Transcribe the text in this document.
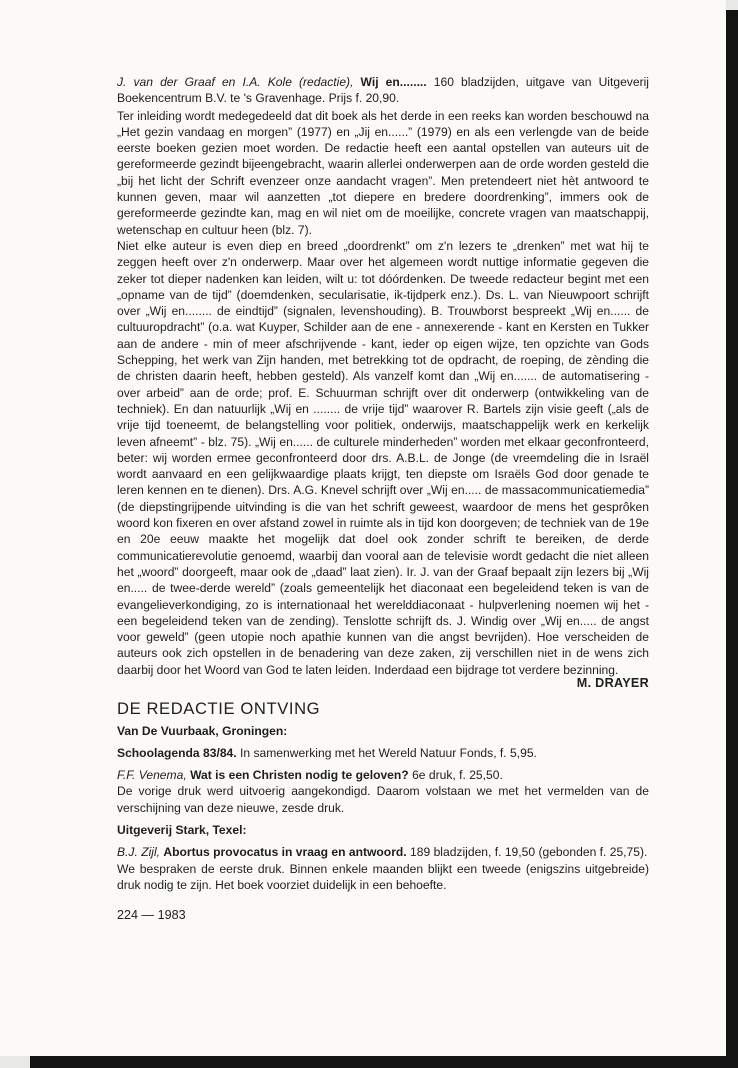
J. van der Graaf en I.A. Kole (redactie), Wij en........ 160 bladzijden, uitgave van Uitgeverij Boekencentrum B.V. te 's Gravenhage. Prijs f. 20,90.

Ter inleiding wordt medegedeeld dat dit boek als het derde in een reeks kan worden beschouwd na „Het gezin vandaag en morgen” (1977) en „Jij en......” (1979) en als een verlengde van de beide eerste boeken gezien moet worden. De redactie heeft een aantal opstellen van auteurs uit de gereformeerde gezindt bijeengebracht, waarin allerlei onderwerpen aan de orde worden gesteld die „bij het licht der Schrift evenzeer onze aandacht vragen”. Men pretendeert niet hèt antwoord te kunnen geven, maar wil aanzetten „tot diepere en bredere doordrenking”, immers ook de gereformeerde gezindte kan, mag en wil niet om de moeilijke, concrete vragen van maatschappij, wetenschap en cultuur heen (blz. 7).

Niet elke auteur is even diep en breed „doordrenkt” om z'n lezers te „drenken” met wat hij te zeggen heeft over z'n onderwerp. Maar over het algemeen wordt nuttige informatie gegeven die zeker tot dieper nadenken kan leiden, wilt u: tot dóórdenken. De tweede redacteur begint met een „opname van de tijd” (doemdenken, secularisatie, ik-tijdperk enz.). Ds. L. van Nieuwpoort schrijft over „Wij en........ de eindtijd” (signalen, levenshouding). B. Trouwborst bespreekt „Wij en...... de cultuuropdracht” (o.a. wat Kuyper, Schilder aan de ene - annexerende - kant en Kersten en Tukker aan de andere - min of meer afschrijvende - kant, ieder op eigen wijze, ten opzichte van Gods Schepping, het werk van Zijn handen, met betrekking tot de opdracht, de roeping, de zènding die de christen daarin heeft, hebben gesteld). Als vanzelf komt dan „Wij en....... de automatisering - over arbeid” aan de orde; prof. E. Schuurman schrijft over dit onderwerp (ontwikkeling van de techniek). En dan natuurlijk „Wij en ........ de vrije tijd” waarover R. Bartels zijn visie geeft („als de vrije tijd toeneemt, de belangstelling voor politiek, onderwijs, maatschappelijk werk en kerkelijk leven afneemt” - blz. 75). „Wij en...... de culturele minderheden” worden met elkaar geconfronteerd, beter: wij worden ermee geconfronteerd door drs. A.B.L. de Jonge (de vreemdeling die in Israël wordt aanvaard en een gelijkwaardige plaats krijgt, ten diepste om Israëls God door genade te leren kennen en te dienen). Drs. A.G. Knevel schrijft over „Wij en..... de massacommunicatiemedia” (de diepstingrijpende uitvinding is die van het schrift geweest, waardoor de mens het gesprôken woord kon fixeren en over afstand zowel in ruimte als in tijd kon doorgeven; de techniek van de 19e en 20e eeuw maakte het mogelijk dat doel ook zonder schrift te bereiken, de derde communicatierevolutie genoemd, waarbij dan vooral aan de televisie wordt gedacht die niet alleen het „woord” doorgeeft, maar ook de „daad” laat zien). Ir. J. van der Graaf bepaalt zijn lezers bij „Wij en..... de twee-derde wereld” (zoals gemeentelijk het diaconaat een begeleidend teken is van de evangelieverkondiging, zo is internationaal het werelddiaconaat - hulpverlening noemen wij het - een begeleidend teken van de zending). Tenslotte schrijft ds. J. Windig over „Wij en..... de angst voor geweld” (geen utopie noch apathie kunnen van die angst bevrijden). Hoe verscheiden de auteurs ook zich opstellen in de benadering van deze zaken, zij verschillen niet in de wens zich daarbij door het Woord van God te laten leiden. Inderdaad een bijdrage tot verdere bezinning.

M. DRAYER

DE REDACTIE ONTVING

Van De Vuurbaak, Groningen:

Schoolagenda 83/84. In samenwerking met het Wereld Natuur Fonds, f. 5,95.

F.F. Venema, Wat is een Christen nodig te geloven? 6e druk, f. 25,50.

De vorige druk werd uitvoerig aangekondigd. Daarom volstaan we met het vermelden van de verschijning van deze nieuwe, zesde druk.

Uitgeverij Stark, Texel:

B.J. Zijl, Abortus provocatus in vraag en antwoord. 189 bladzijden, f. 19,50 (gebonden f. 25,75).

We bespraken de eerste druk. Binnen enkele maanden blijkt een tweede (enigszins uitgebreide) druk nodig te zijn. Het boek voorziet duidelijk in een behoefte.

224 — 1983
